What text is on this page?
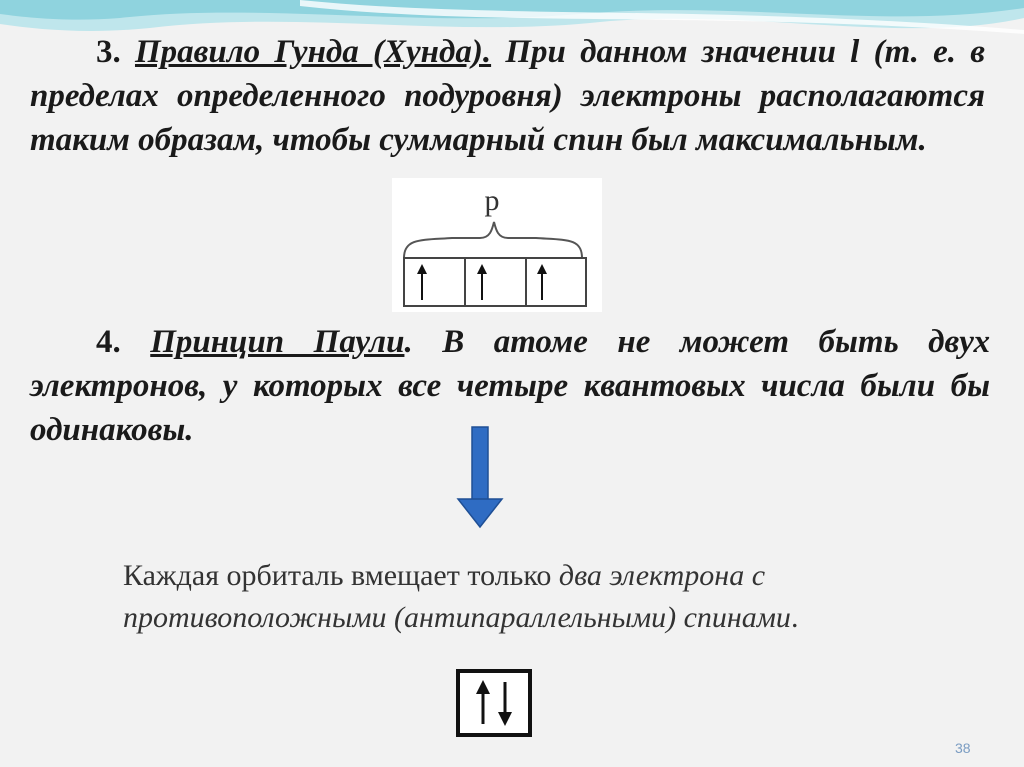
3. Правило Гунда (Хунда). При данном значении l (т. е. в пределах определенного подуровня) электроны располагаются таким образам, чтобы суммарный спин был максимальным.
p
4. Принцип Паули. В атоме не может быть двух электронов, у которых все четыре квантовых числа были бы одинаковы.
Каждая орбиталь вмещает только два электрона с противоположными (антипараллельными) спинами.
38
